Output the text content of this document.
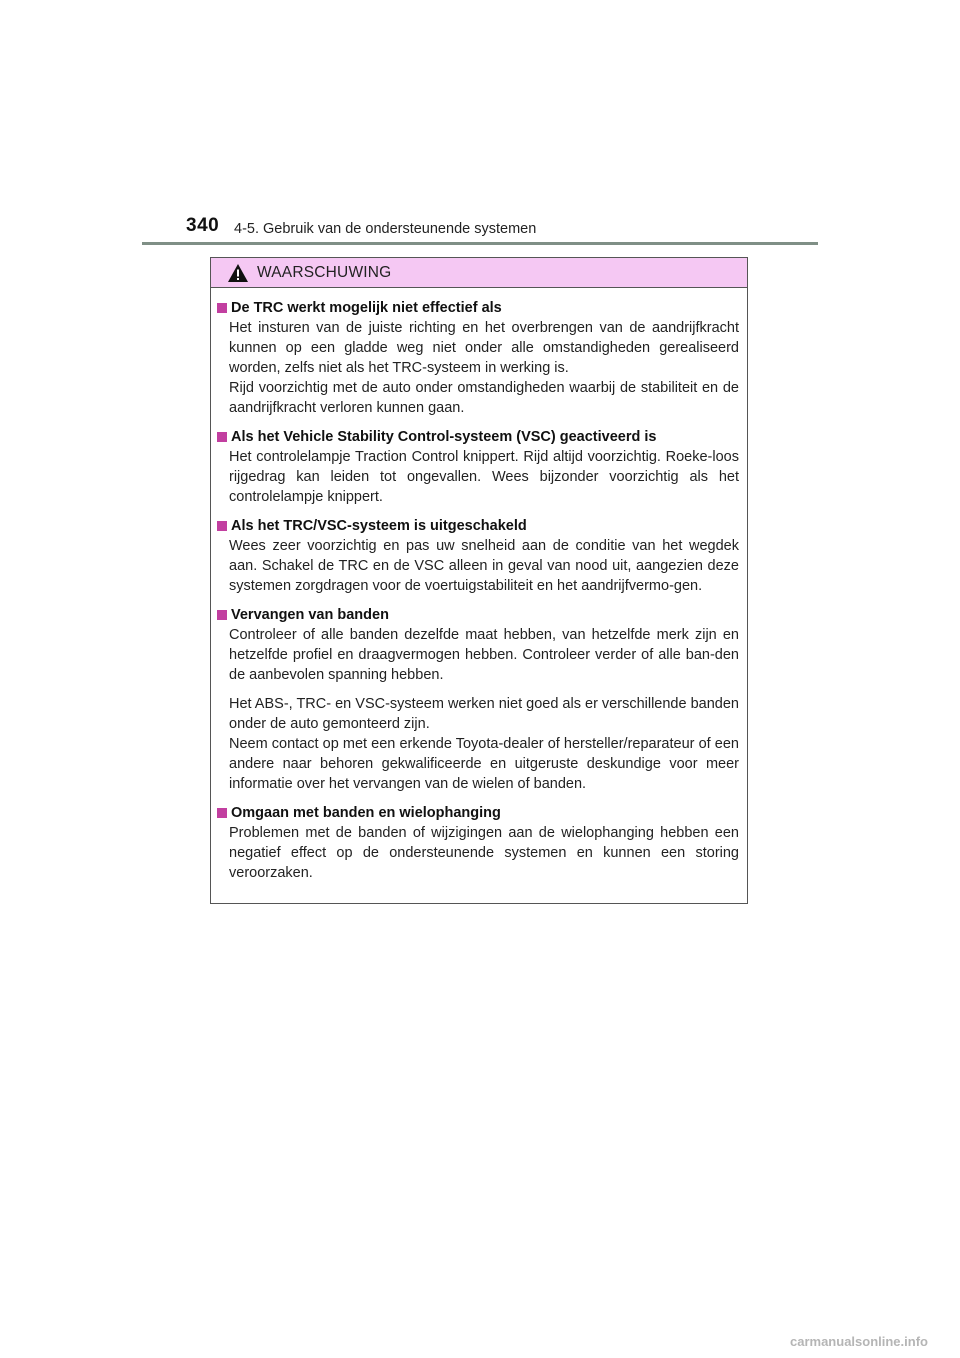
340 4-5. Gebruik van de ondersteunende systemen
WAARSCHUWING
De TRC werkt mogelijk niet effectief als

Het insturen van de juiste richting en het overbrengen van de aandrijfkracht kunnen op een gladde weg niet onder alle omstandigheden gerealiseerd worden, zelfs niet als het TRC-systeem in werking is.
Rijd voorzichtig met de auto onder omstandigheden waarbij de stabiliteit en de aandrijfkracht verloren kunnen gaan.

Als het Vehicle Stability Control-systeem (VSC) geactiveerd is

Het controlelampje Traction Control knippert. Rijd altijd voorzichtig. Roeke-loos rijgedrag kan leiden tot ongevallen. Wees bijzonder voorzichtig als het controlelampje knippert.

Als het TRC/VSC-systeem is uitgeschakeld

Wees zeer voorzichtig en pas uw snelheid aan de conditie van het wegdek aan. Schakel de TRC en de VSC alleen in geval van nood uit, aangezien deze systemen zorgdragen voor de voertuigstabiliteit en het aandrijfvermo-gen.

Vervangen van banden

Controleer of alle banden dezelfde maat hebben, van hetzelfde merk zijn en hetzelfde profiel en draagvermogen hebben. Controleer verder of alle ban-den de aanbevolen spanning hebben.

Het ABS-, TRC- en VSC-systeem werken niet goed als er verschillende banden onder de auto gemonteerd zijn.
Neem contact op met een erkende Toyota-dealer of hersteller/reparateur of een andere naar behoren gekwalificeerde en uitgeruste deskundige voor meer informatie over het vervangen van de wielen of banden.

Omgaan met banden en wielophanging

Problemen met de banden of wijzigingen aan de wielophanging hebben een negatief effect op de ondersteunende systemen en kunnen een storing veroorzaken.

carmanualsonline.info
